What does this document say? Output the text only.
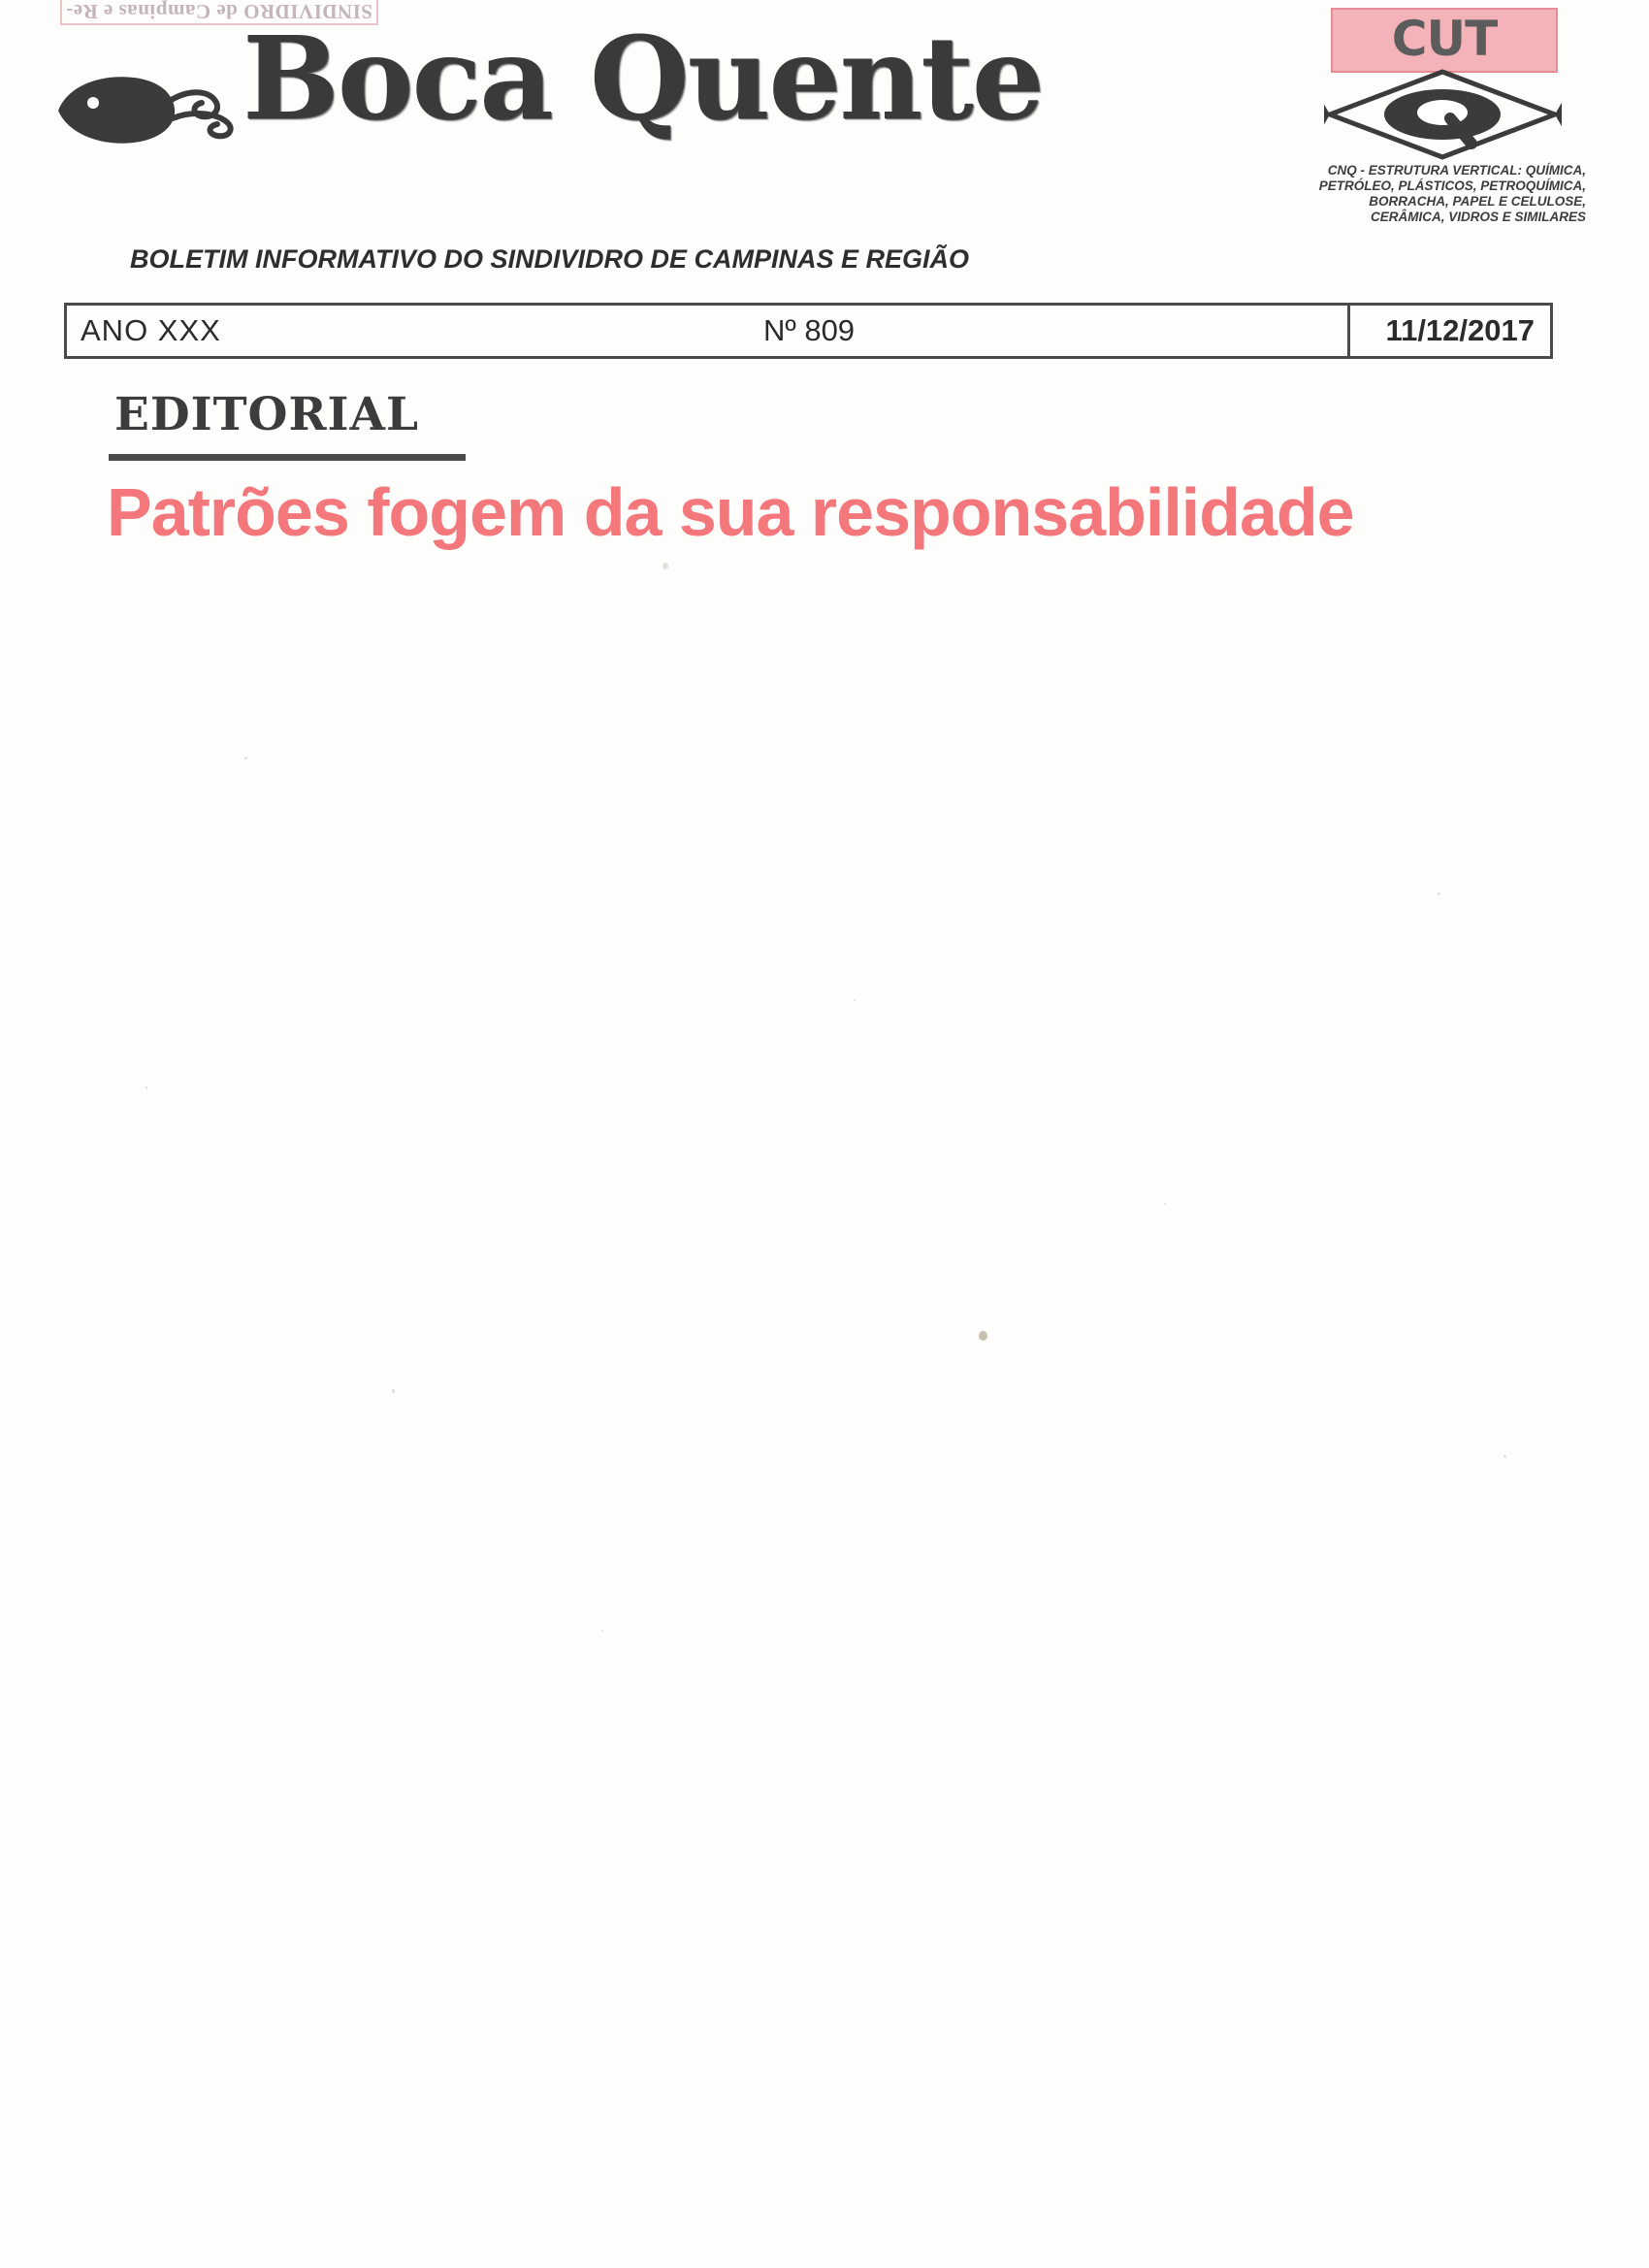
SINDIVIDRO de Campinas e Re-
Boca Quente
BOLETIM INFORMATIVO DO SINDIVIDRO DE CAMPINAS E REGIÃO
CUT
CNQ - ESTRUTURA VERTICAL: QUÍMICA, PETRÓLEO, PLÁSTICOS, PETROQUÍMICA, BORRACHA, PAPEL E CELULOSE, CERÂMICA, VIDROS E SIMILARES
ANO XXX	Nº 809	11/12/2017
EDITORIAL
Patrões fogem da sua responsabilidade
